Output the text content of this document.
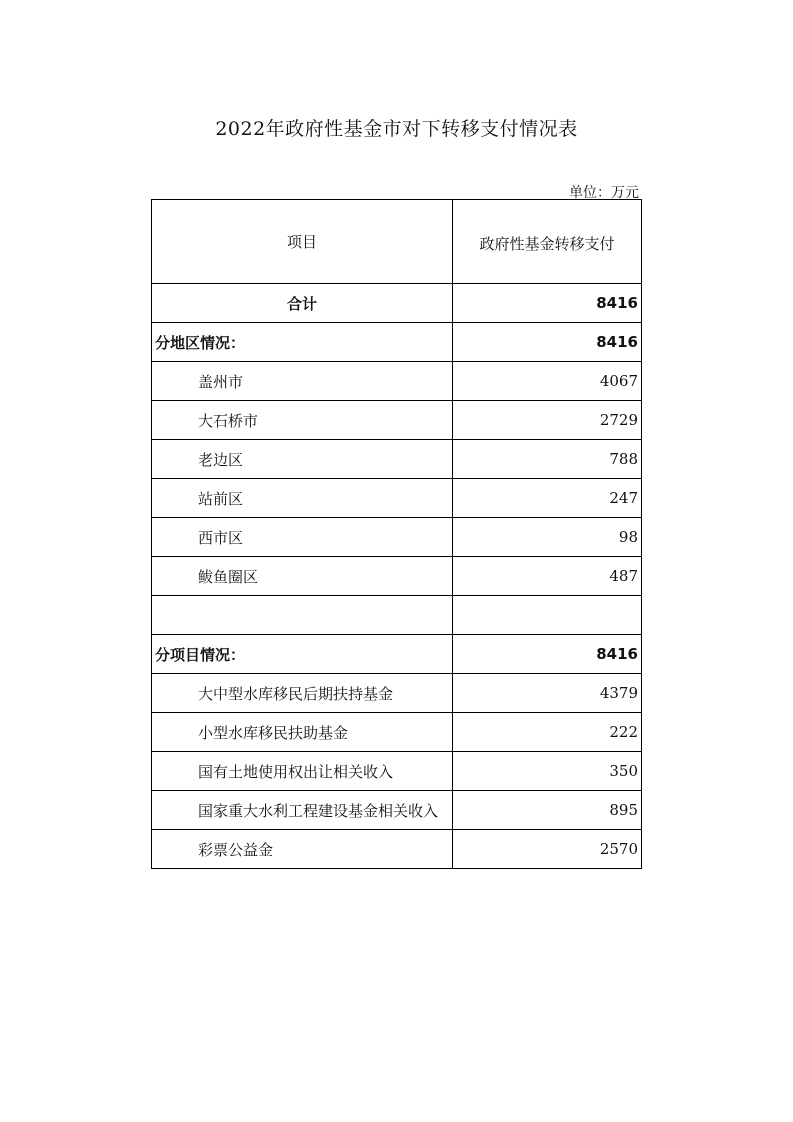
2022年政府性基金市对下转移支付情况表
单位：万元
项目	政府性基金转移支付
合计	8416
分地区情况：	8416
盖州市	4067
大石桥市	2729
老边区	788
站前区	247
西市区	98
鲅鱼圈区	487

分项目情况：	8416
大中型水库移民后期扶持基金	4379
小型水库移民扶助基金	222
国有土地使用权出让相关收入	350
国家重大水利工程建设基金相关收入	895
彩票公益金	2570
